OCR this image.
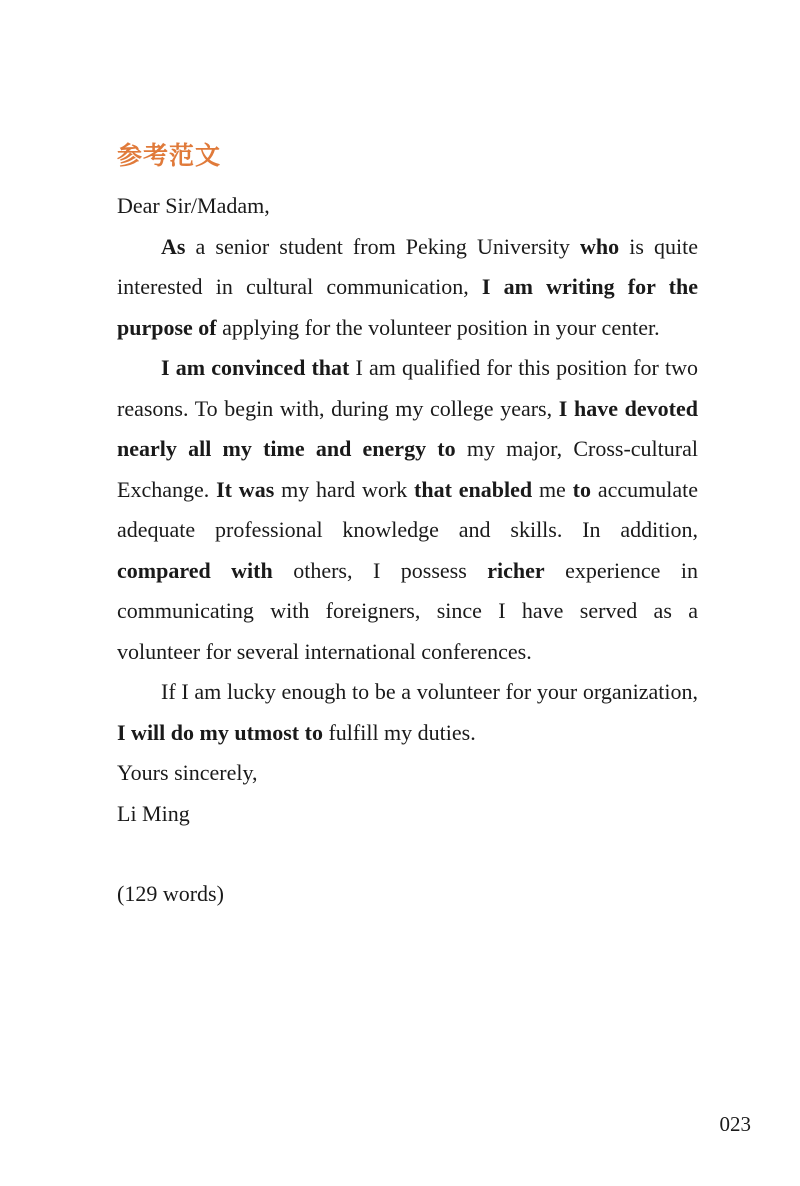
参考范文

Dear Sir/Madam,

As a senior student from Peking University who is quite interested in cultural communication, I am writing for the purpose of applying for the volunteer position in your center.

I am convinced that I am qualified for this position for two reasons. To begin with, during my college years, I have devoted nearly all my time and energy to my major, Cross-cultural Exchange. It was my hard work that enabled me to accumulate adequate professional knowledge and skills. In addition, compared with others, I possess richer experience in communicating with foreigners, since I have served as a volunteer for several international conferences.

If I am lucky enough to be a volunteer for your organization, I will do my utmost to fulfill my duties.

Yours sincerely,

Li Ming

(129 words)

023
